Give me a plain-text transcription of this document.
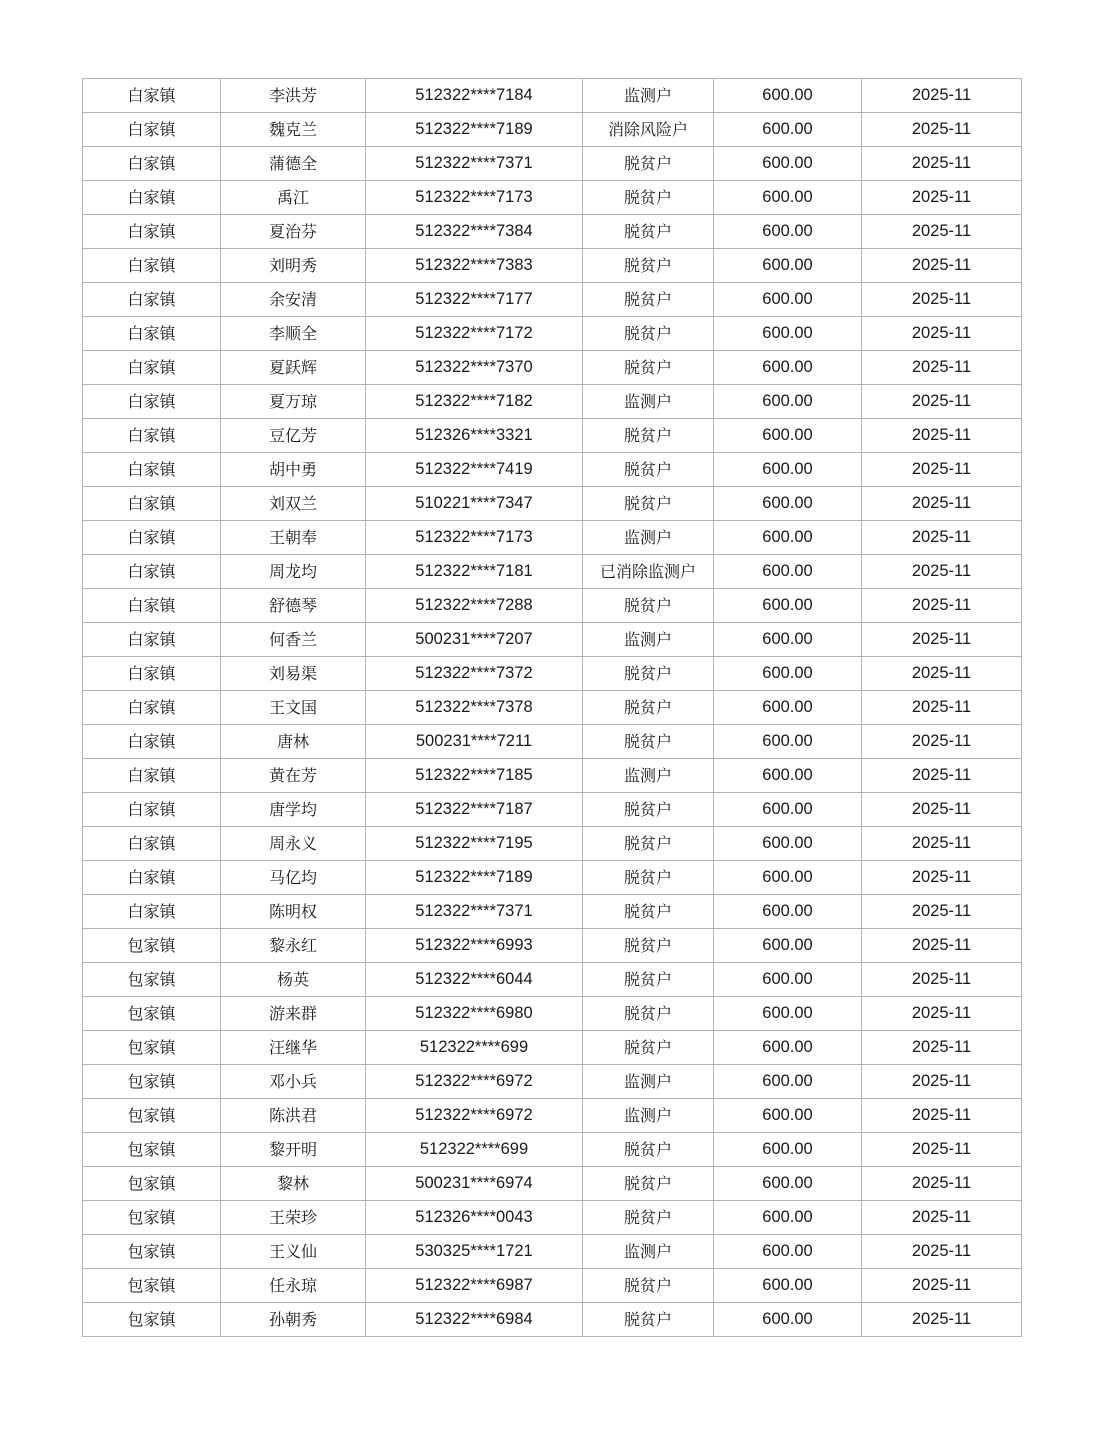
白家镇	李洪芳	512322****7184	监测户	600.00	2025-11
白家镇	魏克兰	512322****7189	消除风险户	600.00	2025-11
白家镇	蒲德全	512322****7371	脱贫户	600.00	2025-11
白家镇	禹江	512322****7173	脱贫户	600.00	2025-11
白家镇	夏治芬	512322****7384	脱贫户	600.00	2025-11
白家镇	刘明秀	512322****7383	脱贫户	600.00	2025-11
白家镇	余安清	512322****7177	脱贫户	600.00	2025-11
白家镇	李顺全	512322****7172	脱贫户	600.00	2025-11
白家镇	夏跃辉	512322****7370	脱贫户	600.00	2025-11
白家镇	夏万琼	512322****7182	监测户	600.00	2025-11
白家镇	豆亿芳	512326****3321	脱贫户	600.00	2025-11
白家镇	胡中勇	512322****7419	脱贫户	600.00	2025-11
白家镇	刘双兰	510221****7347	脱贫户	600.00	2025-11
白家镇	王朝奉	512322****7173	监测户	600.00	2025-11
白家镇	周龙均	512322****7181	已消除监测户	600.00	2025-11
白家镇	舒德琴	512322****7288	脱贫户	600.00	2025-11
白家镇	何香兰	500231****7207	监测户	600.00	2025-11
白家镇	刘易渠	512322****7372	脱贫户	600.00	2025-11
白家镇	王文国	512322****7378	脱贫户	600.00	2025-11
白家镇	唐林	500231****7211	脱贫户	600.00	2025-11
白家镇	黄在芳	512322****7185	监测户	600.00	2025-11
白家镇	唐学均	512322****7187	脱贫户	600.00	2025-11
白家镇	周永义	512322****7195	脱贫户	600.00	2025-11
白家镇	马亿均	512322****7189	脱贫户	600.00	2025-11
白家镇	陈明权	512322****7371	脱贫户	600.00	2025-11
包家镇	黎永红	512322****6993	脱贫户	600.00	2025-11
包家镇	杨英	512322****6044	脱贫户	600.00	2025-11
包家镇	游来群	512322****6980	脱贫户	600.00	2025-11
包家镇	汪继华	512322****699	脱贫户	600.00	2025-11
包家镇	邓小兵	512322****6972	监测户	600.00	2025-11
包家镇	陈洪君	512322****6972	监测户	600.00	2025-11
包家镇	黎开明	512322****699	脱贫户	600.00	2025-11
包家镇	黎林	500231****6974	脱贫户	600.00	2025-11
包家镇	王荣珍	512326****0043	脱贫户	600.00	2025-11
包家镇	王义仙	530325****1721	监测户	600.00	2025-11
包家镇	任永琼	512322****6987	脱贫户	600.00	2025-11
包家镇	孙朝秀	512322****6984	脱贫户	600.00	2025-11
